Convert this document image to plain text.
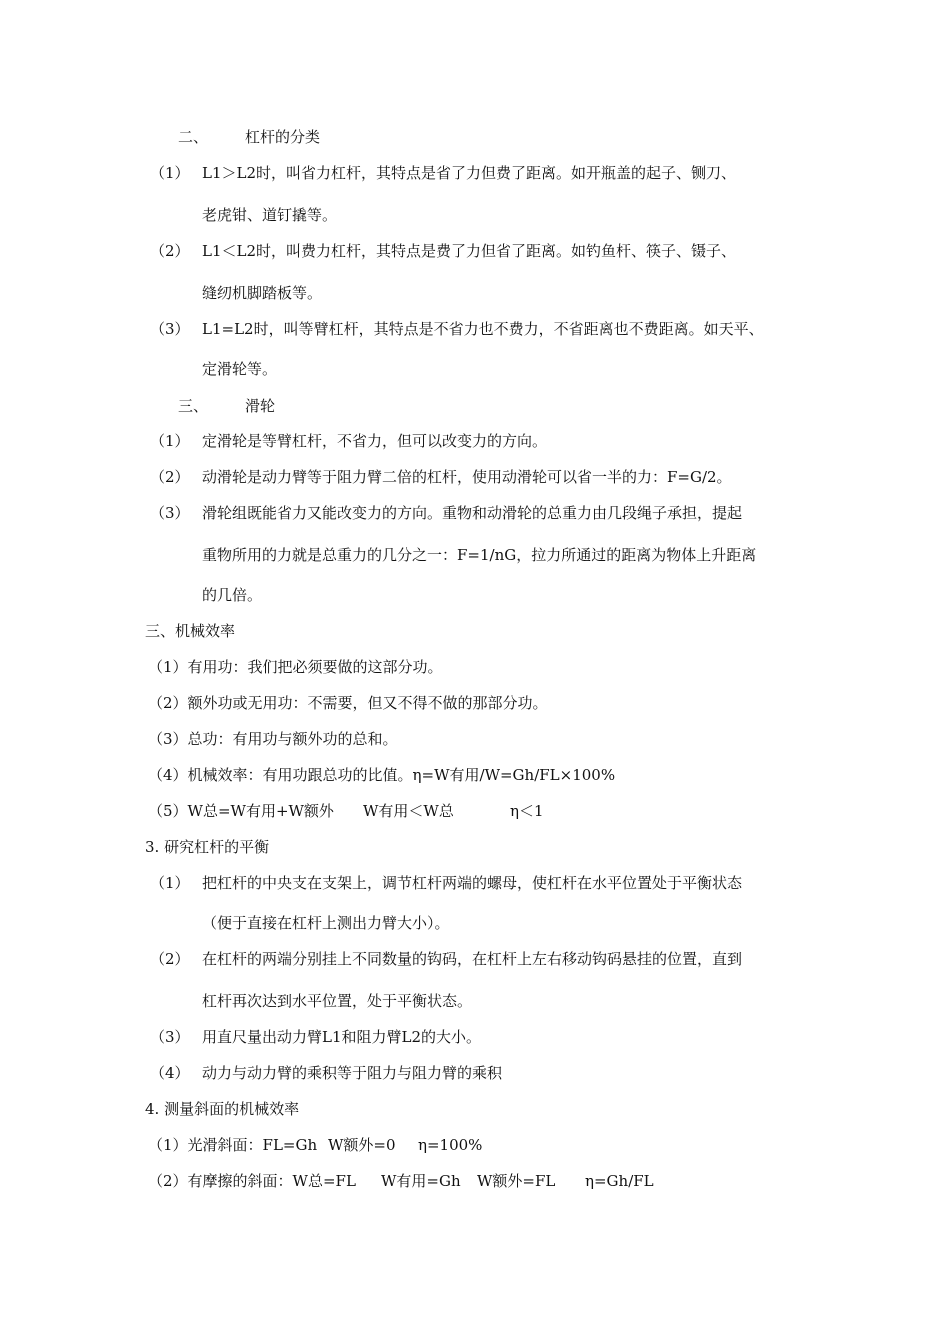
二、 杠杆的分类
（1） L1＞L2时，叫省力杠杆，其特点是省了力但费了距离。如开瓶盖的起子、铡刀、
老虎钳、道钉撬等。
（2） L1＜L2时，叫费力杠杆，其特点是费了力但省了距离。如钓鱼杆、筷子、镊子、
缝纫机脚踏板等。
（3） L1=L2时，叫等臂杠杆，其特点是不省力也不费力，不省距离也不费距离。如天平、
定滑轮等。
三、 滑轮
（1） 定滑轮是等臂杠杆，不省力，但可以改变力的方向。
（2） 动滑轮是动力臂等于阻力臂二倍的杠杆，使用动滑轮可以省一半的力：F=G/2。
（3） 滑轮组既能省力又能改变力的方向。重物和动滑轮的总重力由几段绳子承担，提起
重物所用的力就是总重力的几分之一：F=1/nG，拉力所通过的距离为物体上升距离
的几倍。
三、机械效率
（1）有用功：我们把必须要做的这部分功。
（2）额外功或无用功：不需要，但又不得不做的那部分功。
（3）总功：有用功与额外功的总和。
（4）机械效率：有用功跟总功的比值。η=W有用/W=Gh/FL×100%
（5）W总=W有用+W额外 W有用＜W总	η＜1
3. 研究杠杆的平衡
（1） 把杠杆的中央支在支架上，调节杠杆两端的螺母，使杠杆在水平位置处于平衡状态
（便于直接在杠杆上测出力臂大小）。
（2） 在杠杆的两端分别挂上不同数量的钩码，在杠杆上左右移动钩码悬挂的位置，直到
杠杆再次达到水平位置，处于平衡状态。
（3） 用直尺量出动力臂L1和阻力臂L2的大小。
（4） 动力与动力臂的乘积等于阻力与阻力臂的乘积
4. 测量斜面的机械效率
（1）光滑斜面：FL=Gh W额外=0 η=100%
（2）有摩擦的斜面：W总=FL W有用=Gh W额外=FL η=Gh/FL
